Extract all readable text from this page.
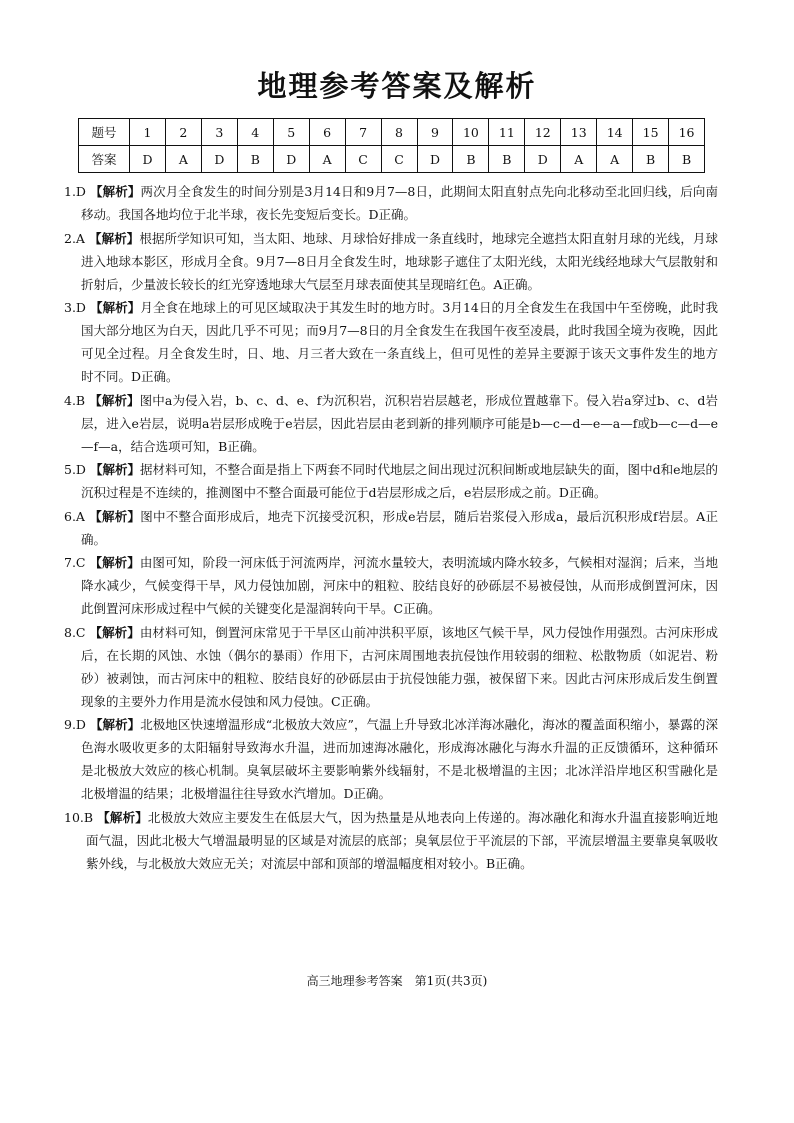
地理参考答案及解析
题号	1	2	3	4	5	6	7	8	9	10	11	12	13	14	15	16
答案	D	A	D	B	D	A	C	C	D	B	B	D	A	A	B	B

1.D 【解析】两次月全食发生的时间分别是3月14日和9月7—8日，此期间太阳直射点先向北移动至北回归线，后向南移动。我国各地均位于北半球，夜长先变短后变长。D正确。

2.A 【解析】根据所学知识可知，当太阳、地球、月球恰好排成一条直线时，地球完全遮挡太阳直射月球的光线，月球进入地球本影区，形成月全食。9月7—8日月全食发生时，地球影子遮住了太阳光线，太阳光线经地球大气层散射和折射后，少量波长较长的红光穿透地球大气层至月球表面使其呈现暗红色。A正确。

3.D 【解析】月全食在地球上的可见区域取决于其发生时的地方时。3月14日的月全食发生在我国中午至傍晚，此时我国大部分地区为白天，因此几乎不可见；而9月7—8日的月全食发生在我国午夜至凌晨，此时我国全境为夜晚，因此可见全过程。月全食发生时，日、地、月三者大致在一条直线上，但可见性的差异主要源于该天文事件发生的地方时不同。D正确。

4.B 【解析】图中a为侵入岩，b、c、d、e、f为沉积岩，沉积岩岩层越老，形成位置越靠下。侵入岩a穿过b、c、d岩层，进入e岩层，说明a岩层形成晚于e岩层，因此岩层由老到新的排列顺序可能是b—c—d—e—a—f或b—c—d—e—f—a，结合选项可知，B正确。

5.D 【解析】据材料可知，不整合面是指上下两套不同时代地层之间出现过沉积间断或地层缺失的面，图中d和e地层的沉积过程是不连续的，推测图中不整合面最可能位于d岩层形成之后，e岩层形成之前。D正确。

6.A 【解析】图中不整合面形成后，地壳下沉接受沉积，形成e岩层，随后岩浆侵入形成a，最后沉积形成f岩层。A正确。

7.C 【解析】由图可知，阶段一河床低于河流两岸，河流水量较大，表明流域内降水较多，气候相对湿润；后来，当地降水减少，气候变得干旱，风力侵蚀加剧，河床中的粗粒、胶结良好的砂砾层不易被侵蚀，从而形成倒置河床，因此倒置河床形成过程中气候的关键变化是湿润转向干旱。C正确。

8.C 【解析】由材料可知，倒置河床常见于干旱区山前冲洪积平原，该地区气候干旱，风力侵蚀作用强烈。古河床形成后，在长期的风蚀、水蚀（偶尔的暴雨）作用下，古河床周围地表抗侵蚀作用较弱的细粒、松散物质（如泥岩、粉砂）被剥蚀，而古河床中的粗粒、胶结良好的砂砾层由于抗侵蚀能力强，被保留下来。因此古河床形成后发生倒置现象的主要外力作用是流水侵蚀和风力侵蚀。C正确。

9.D 【解析】北极地区快速增温形成“北极放大效应”，气温上升导致北冰洋海冰融化，海冰的覆盖面积缩小，暴露的深色海水吸收更多的太阳辐射导致海水升温，进而加速海冰融化，形成海冰融化与海水升温的正反馈循环，这种循环是北极放大效应的核心机制。臭氧层破坏主要影响紫外线辐射，不是北极增温的主因；北冰洋沿岸地区积雪融化是北极增温的结果；北极增温往往导致水汽增加。D正确。

10.B 【解析】北极放大效应主要发生在低层大气，因为热量是从地表向上传递的。海冰融化和海水升温直接影响近地面气温，因此北极大气增温最明显的区域是对流层的底部；臭氧层位于平流层的下部，平流层增温主要靠臭氧吸收紫外线，与北极放大效应无关；对流层中部和顶部的增温幅度相对较小。B正确。

高三地理参考答案　第1页(共3页)
